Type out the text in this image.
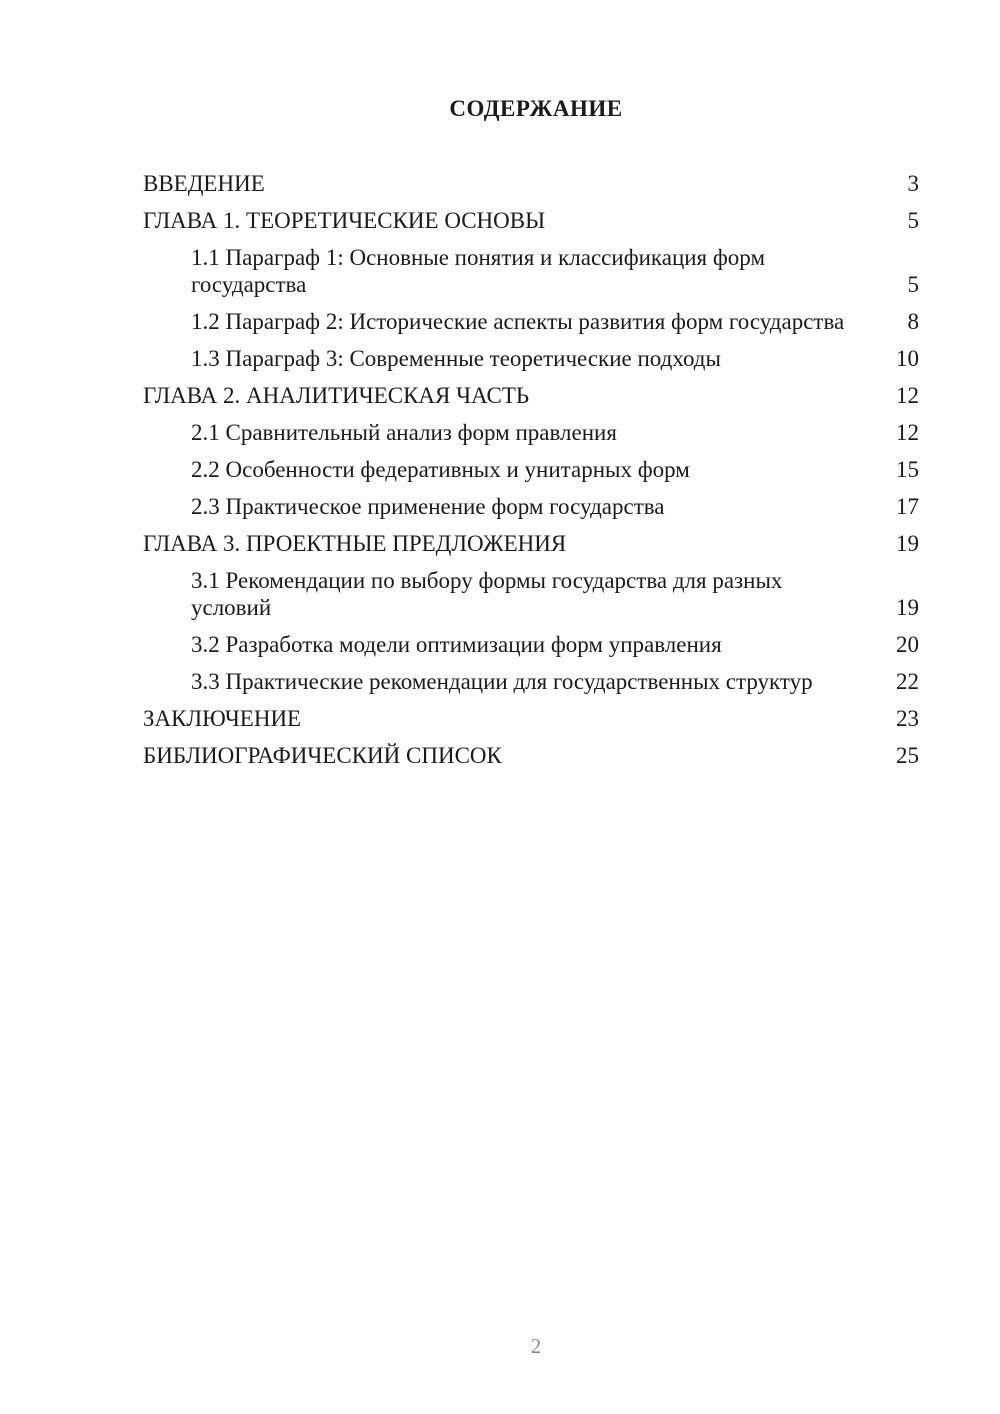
СОДЕРЖАНИЕ
ВВЕДЕНИЕ	3
ГЛАВА 1. ТЕОРЕТИЧЕСКИЕ ОСНОВЫ	5
1.1 Параграф 1: Основные понятия и классификация форм государства	5
1.2 Параграф 2: Исторические аспекты развития форм государства	8
1.3 Параграф 3: Современные теоретические подходы	10
ГЛАВА 2. АНАЛИТИЧЕСКАЯ ЧАСТЬ	12
2.1 Сравнительный анализ форм правления	12
2.2 Особенности федеративных и унитарных форм	15
2.3 Практическое применение форм государства	17
ГЛАВА 3. ПРОЕКТНЫЕ ПРЕДЛОЖЕНИЯ	19
3.1 Рекомендации по выбору формы государства для разных условий	19
3.2 Разработка модели оптимизации форм управления	20
3.3 Практические рекомендации для государственных структур	22
ЗАКЛЮЧЕНИЕ	23
БИБЛИОГРАФИЧЕСКИЙ СПИСОК	25
2
